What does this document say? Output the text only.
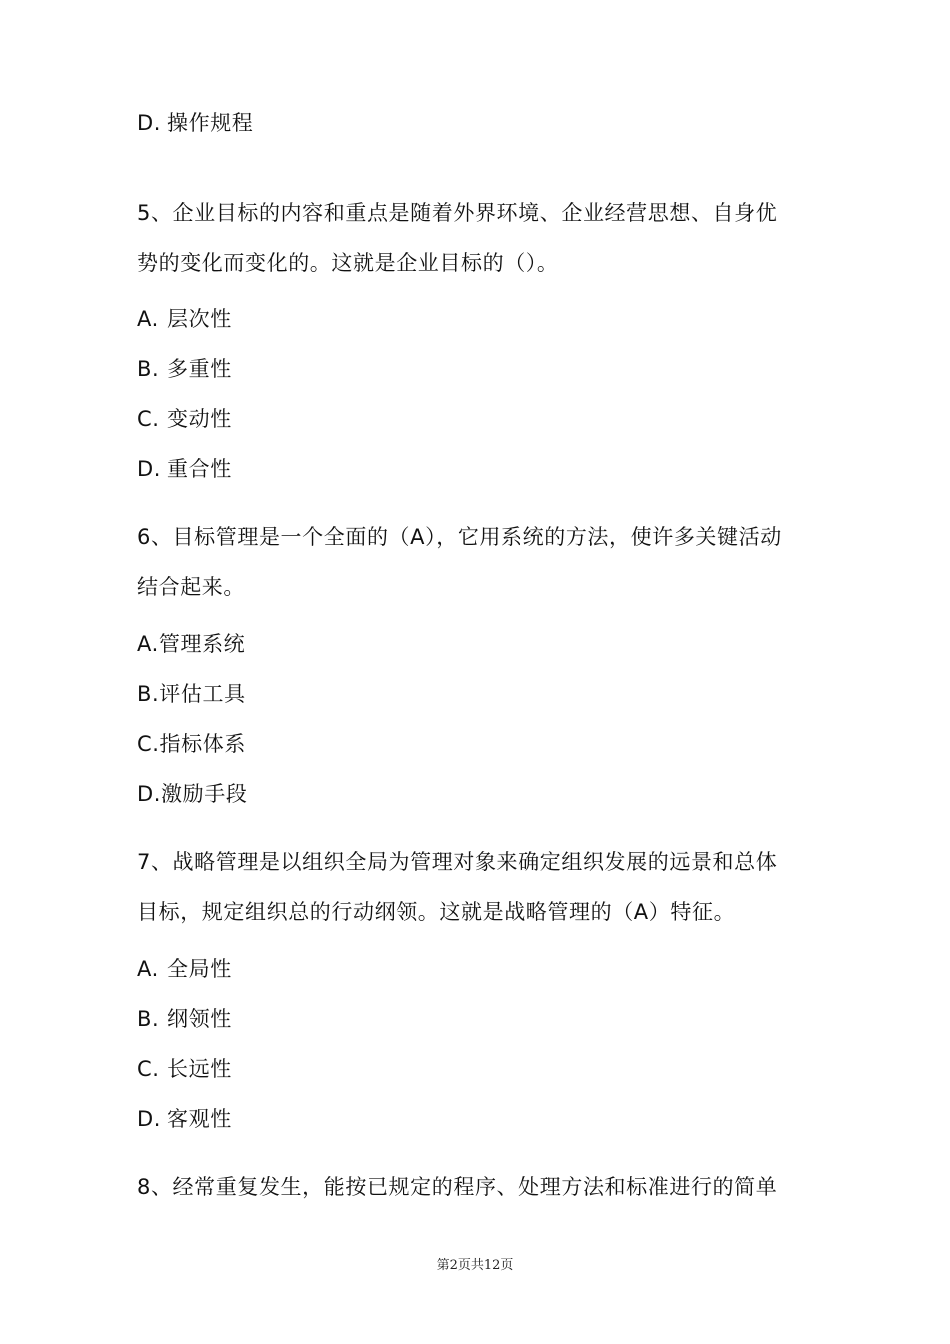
D. 操作规程
5、企业目标的内容和重点是随着外界环境、企业经营思想、自身优
势的变化而变化的。这就是企业目标的（）。
A. 层次性
B. 多重性
C. 变动性
D. 重合性
6、目标管理是一个全面的（A），它用系统的方法，使许多关键活动
结合起来。
A.管理系统
B.评估工具
C.指标体系
D.激励手段
7、战略管理是以组织全局为管理对象来确定组织发展的远景和总体
目标，规定组织总的行动纲领。这就是战略管理的（A）特征。
A. 全局性
B. 纲领性
C. 长远性
D. 客观性
8、经常重复发生，能按已规定的程序、处理方法和标准进行的简单
第2页共12页
